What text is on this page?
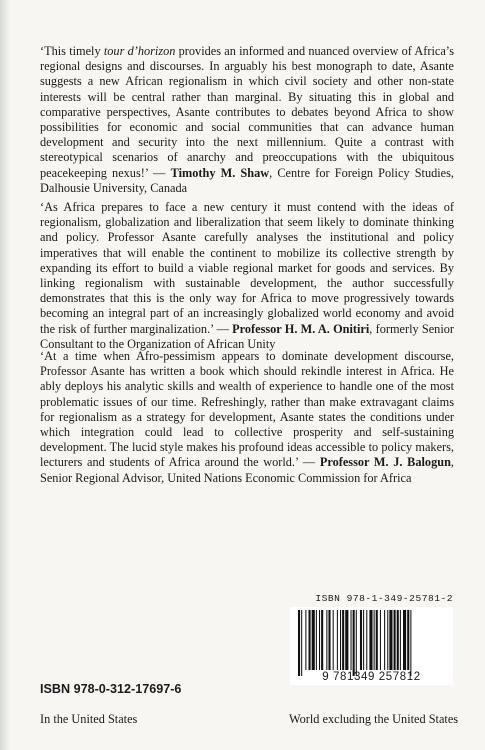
‘This timely tour d’horizon provides an informed and nuanced overview of Africa’s regional designs and discourses. In arguably his best monograph to date, Asante suggests a new African regionalism in which civil society and other non-state interests will be central rather than marginal. By situating this in global and comparative perspectives, Asante contributes to debates beyond Africa to show possibilities for economic and social communities that can advance human development and security into the next millennium. Quite a contrast with stereotypical scenarios of anarchy and preoccupations with the ubiquitous peacekeeping nexus!’ — Timothy M. Shaw, Centre for Foreign Policy Studies, Dalhousie University, Canada

‘As Africa prepares to face a new century it must contend with the ideas of regionalism, globalization and liberalization that seem likely to dominate thinking and policy. Professor Asante carefully analyses the institutional and policy imperatives that will enable the continent to mobilize its collective strength by expanding its effort to build a viable regional market for goods and services. By linking regionalism with sustainable development, the author successfully demonstrates that this is the only way for Africa to move progressively towards becoming an integral part of an increasingly globalized world economy and avoid the risk of further marginalization.’ — Professor H. M. A. Onitiri, formerly Senior Consultant to the Organization of African Unity

‘At a time when Afro-pessimism appears to dominate development discourse, Professor Asante has written a book which should rekindle interest in Africa. He ably deploys his analytic skills and wealth of experience to handle one of the most problematic issues of our time. Refreshingly, rather than make extravagant claims for regionalism as a strategy for development, Asante states the conditions under which integration could lead to collective prosperity and self-sustaining development. The lucid style makes his profound ideas accessible to policy makers, lecturers and students of Africa around the world.’ — Professor M. J. Balogun, Senior Regional Advisor, United Nations Economic Commission for Africa

ISBN 978-1-349-25781-2
9 781349 257812
ISBN 978-0-312-17697-6
In the United States	World excluding the United States
